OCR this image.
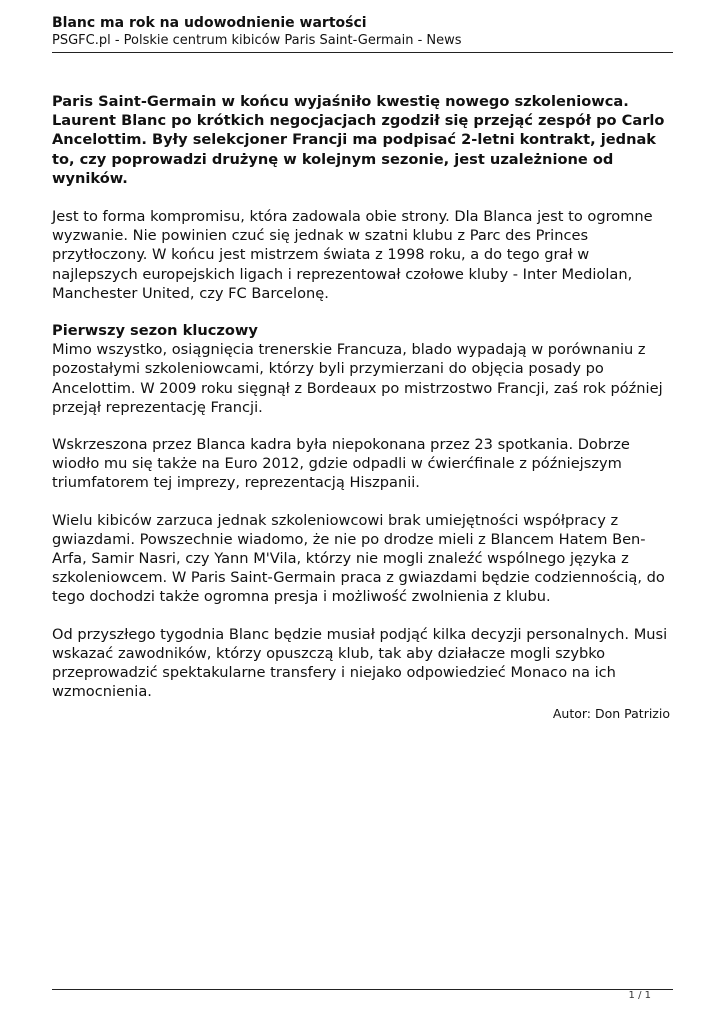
Blanc ma rok na udowodnienie wartości

PSGFC.pl - Polskie centrum kibiców Paris Saint-Germain - News

Paris Saint-Germain w końcu wyjaśniło kwestię nowego szkoleniowca. Laurent Blanc po krótkich negocjacjach zgodził się przejąć zespół po Carlo Ancelottim. Były selekcjoner Francji ma podpisać 2-letni kontrakt, jednak to, czy poprowadzi drużynę w kolejnym sezonie, jest uzależnione od wyników.

Jest to forma kompromisu, która zadowala obie strony. Dla Blanca jest to ogromne wyzwanie. Nie powinien czuć się jednak w szatni klubu z Parc des Princes przytłoczony. W końcu jest mistrzem świata z 1998 roku, a do tego grał w najlepszych europejskich ligach i reprezentował czołowe kluby - Inter Mediolan, Manchester United, czy FC Barcelonę.

Pierwszy sezon kluczowy
Mimo wszystko, osiągnięcia trenerskie Francuza, blado wypadają w porównaniu z pozostałymi szkoleniowcami, którzy byli przymierzani do objęcia posady po Ancelottim. W 2009 roku sięgnął z Bordeaux po mistrzostwo Francji, zaś rok później przejął reprezentację Francji.

Wskrzeszona przez Blanca kadra była niepokonana przez 23 spotkania. Dobrze wiodło mu się także na Euro 2012, gdzie odpadli w ćwierćfinale z późniejszym triumfatorem tej imprezy, reprezentacją Hiszpanii.

Wielu kibiców zarzuca jednak szkoleniowcowi brak umiejętności współpracy z gwiazdami. Powszechnie wiadomo, że nie po drodze mieli z Blancem Hatem Ben-Arfa, Samir Nasri, czy Yann M'Vila, którzy nie mogli znaleźć wspólnego języka z szkoleniowcem. W Paris Saint-Germain praca z gwiazdami będzie codziennością, do tego dochodzi także ogromna presja i możliwość zwolnienia z klubu.

Od przyszłego tygodnia Blanc będzie musiał podjąć kilka decyzji personalnych. Musi wskazać zawodników, którzy opuszczą klub, tak aby działacze mogli szybko przeprowadzić spektakularne transfery i niejako odpowiedzieć Monaco na ich wzmocnienia.

Autor: Don Patrizio
1 / 1
